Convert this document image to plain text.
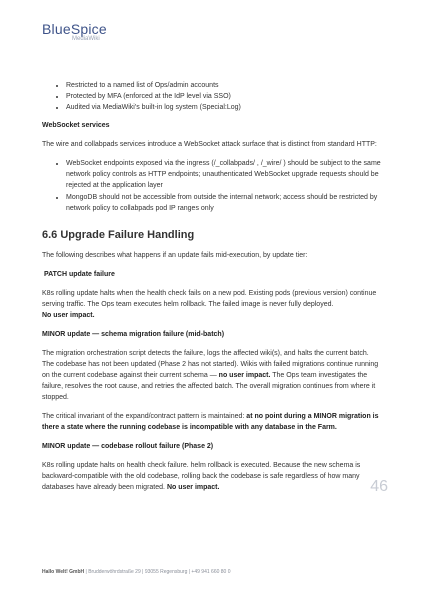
BlueSpice
MediaWiki
• Restricted to a named list of Ops/admin accounts
• Protected by MFA (enforced at the IdP level via SSO)
• Audited via MediaWiki's built-in log system (Special:Log)
WebSocket services

The wire and collabpads services introduce a WebSocket attack surface that is distinct from standard HTTP:

• WebSocket endpoints exposed via the ingress (/_collabpads/ , /_wire/ ) should be subject to the same network policy controls as HTTP endpoints; unauthenticated WebSocket upgrade requests should be rejected at the application layer
• MongoDB should not be accessible from outside the internal network; access should be restricted by network policy to collabpads pod IP ranges only
6.6 Upgrade Failure Handling

The following describes what happens if an update fails mid-execution, by update tier:

PATCH update failure

K8s rolling update halts when the health check fails on a new pod. Existing pods (previous version) continue serving traffic. The Ops team executes helm rollback. The failed image is never fully deployed.
No user impact.

MINOR update — schema migration failure (mid-batch)

The migration orchestration script detects the failure, logs the affected wiki(s), and halts the current batch. The codebase has not been updated (Phase 2 has not started). Wikis with failed migrations continue running on the current codebase against their current schema — no user impact. The Ops team investigates the failure, resolves the root cause, and retries the affected batch. The overall migration continues from where it stopped.

The critical invariant of the expand/contract pattern is maintained: at no point during a MINOR migration is there a state where the running codebase is incompatible with any database in the Farm.

MINOR update — codebase rollout failure (Phase 2)

K8s rolling update halts on health check failure. helm rollback is executed. Because the new schema is backward-compatible with the old codebase, rolling back the codebase is safe regardless of how many databases have already been migrated. No user impact.	46
Hallo Welt! GmbH | Brudderwöhrdstraße 29 | 93055 Regensburg | +49 941 660 80 0
